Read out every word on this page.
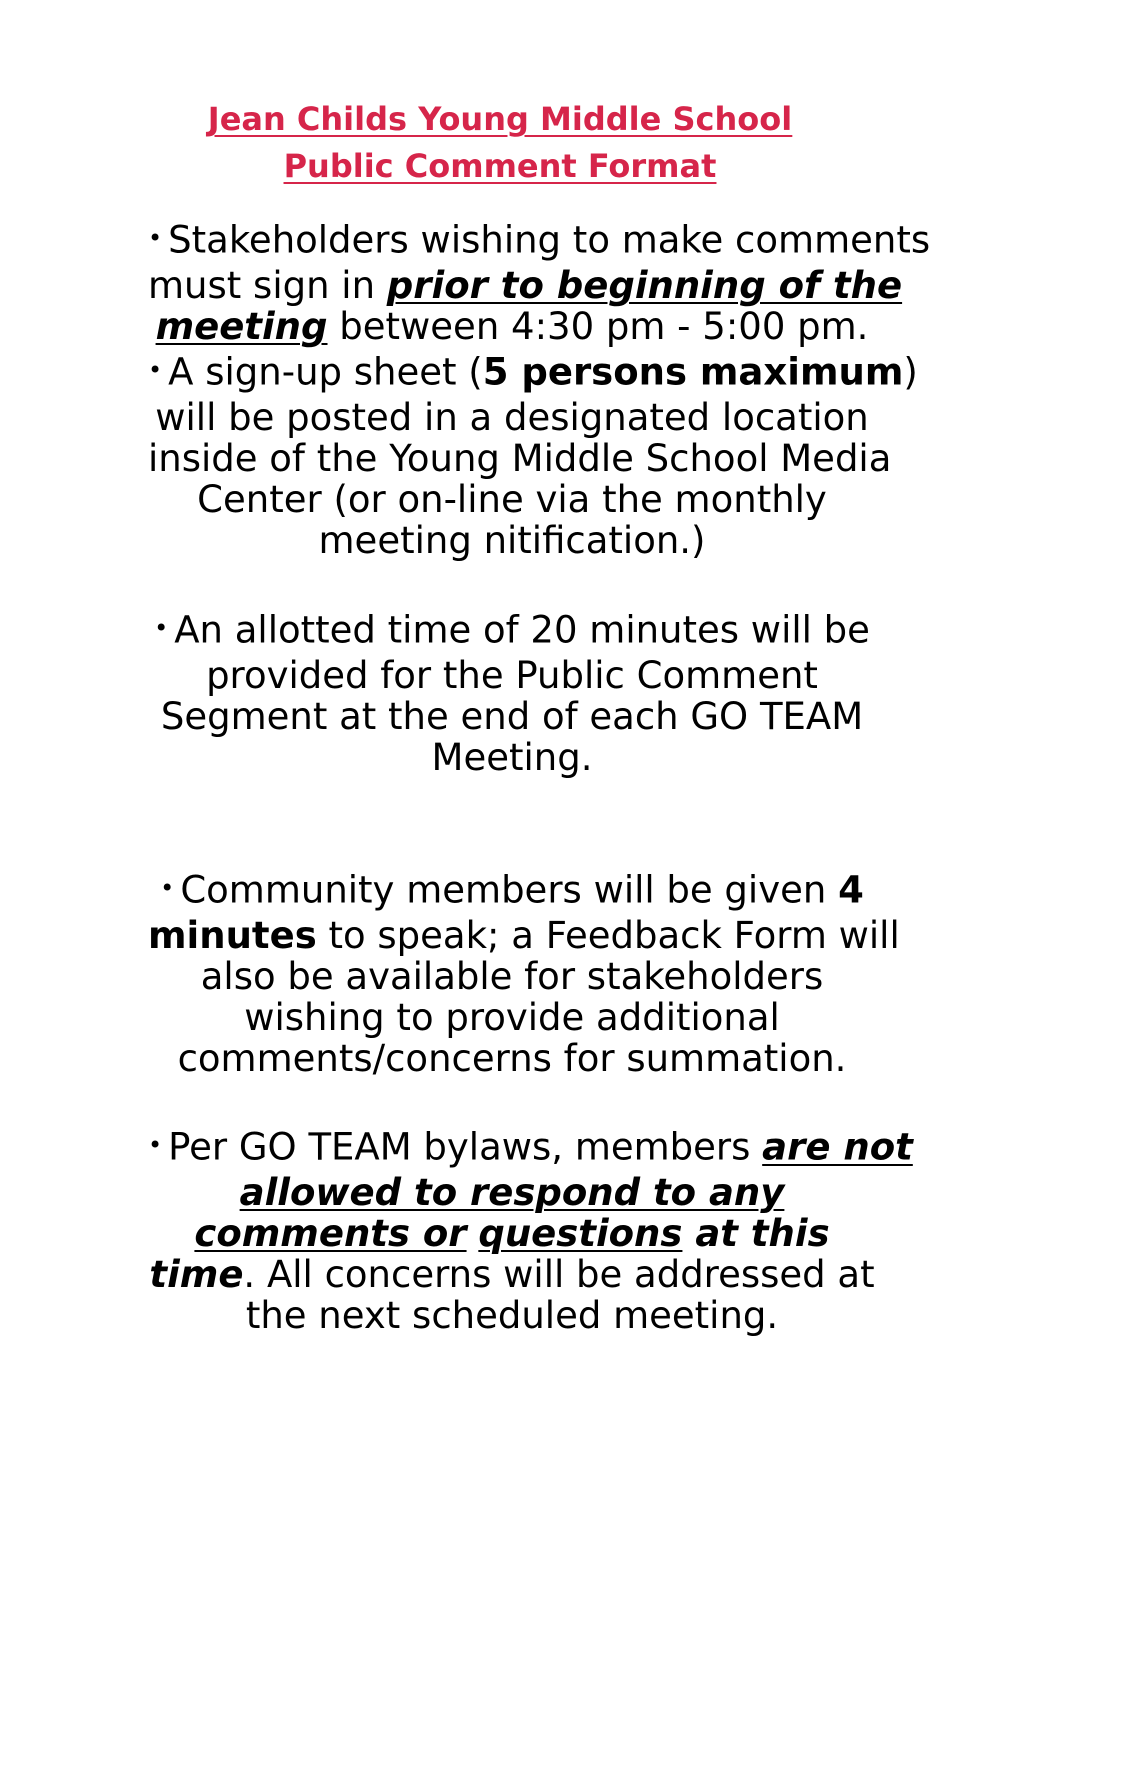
Jean Childs Young Middle School
Public Comment Format
• Stakeholders wishing to make comments
must sign in prior to beginning of the
meeting between 4:30 pm - 5:00 pm.
• A sign-up sheet (5 persons maximum)
will be posted in a designated location
inside of the Young Middle School Media
Center (or on-line via the monthly
meeting nitification.)
• An allotted time of 20 minutes will be
provided for the Public Comment
Segment at the end of each GO TEAM
Meeting.
• Community members will be given 4
minutes to speak; a Feedback Form will
also be available for stakeholders
wishing to provide additional
comments/concerns for summation.
• Per GO TEAM bylaws, members are not
allowed to respond to any
comments or questions at this
time. All concerns will be addressed at
the next scheduled meeting.
